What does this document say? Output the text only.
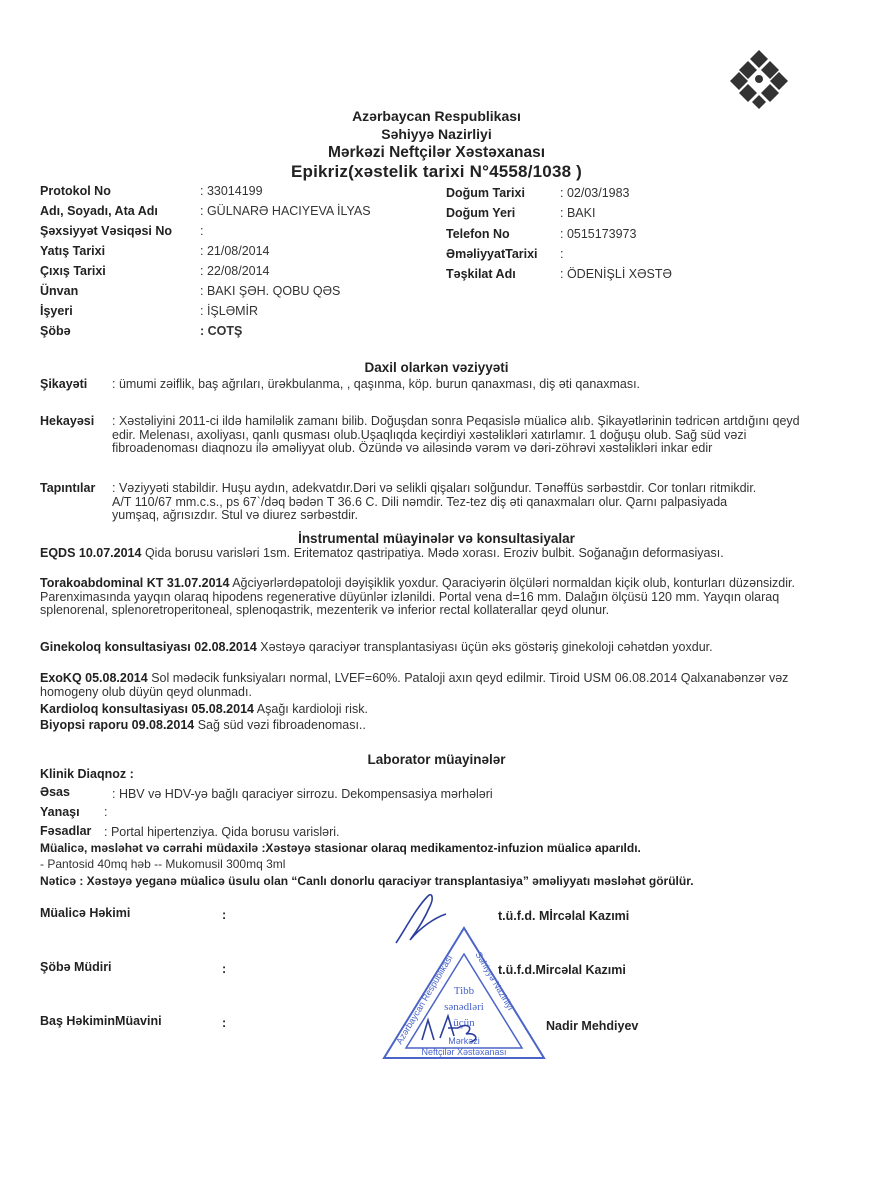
Azərbaycan Respublikası
Səhiyyə Nazirliyi
Mərkəzi Neftçilər Xəstəxanası
Epikriz(xəstelik tarixi N°4558/1038 )
Protokol No	: 33014199
Adı, Soyadı, Ata Adı	: GÜLNARƏ HACIYEVA İLYAS
Şəxsiyyət Vəsiqəsi No :
Yatış Tarixi	: 21/08/2014
Çıxış Tarixi	: 22/08/2014
Ünvan	: BAKI ŞƏH. QOBU QƏS
İşyeri	: İŞLƏMİR
Şöbə	: COTŞ
Doğum Tarixi	: 02/03/1983
Doğum Yeri	: BAKI
Telefon No	: 0515173973
ƏməliyyatTarixi :
Təşkilat Adı	: ÖDENİŞLİ XƏSTƏ
Daxil olarkən vəziyyəti
Şikayəti : ümumi zəiflik, baş ağrıları, ürəkbulanma, , qaşınma, köp. burun qanaxması, diş əti qanaxması.
Hekayəsi : Xəstəliyini 2011-ci ildə hamiləlik zamanı bilib. Doğuşdan sonra Peqasislə müalicə alıb. Şikayətlərinin tədricən artdığını qeyd edir. Melenası, axoliyası, qanlı qusması olub.Uşaqlıqda keçirdiyi xəstəlikləri xatırlamır. 1 doğuşu olub. Sağ süd vəzi fibroadenoması diaqnozu ilə əməliyyat olub. Özündə və ailəsində vərəm və dəri-zöhrəvi xəstəlikləri inkar edir
Tapıntılar : Vəziyyəti stabildir. Huşu aydın, adekvatdır.Dəri və selikli qişaları solğundur. Tənəffüs sərbəstdir. Cor tonları ritmikdir. A/T 110/67 mm.c.s., ps 67`/dəq bədən T 36.6 C. Dili nəmdir. Tez-tez diş əti qanaxmaları olur. Qarnı palpasiyada yumşaq, ağrısızdır. Stul və diurez sərbəstdir.
İnstrumental müayinələr və konsultasiyalar
EQDS 10.07.2014 Qida borusu varisləri 1sm. Eritematoz qastripatiya. Mədə xorası. Eroziv bulbit. Soğanağın deformasiyası.
Torakoabdominal KT 31.07.2014 Ağciyərlərdəpatoloji dəyişiklik yoxdur. Qaraciyərin ölçüləri normaldan kiçik olub, konturları düzənsizdir. Parenximasında yayqın olaraq hipodens regenerative düyünlər izlənildi. Portal vena d=16 mm. Dalağın ölçüsü 120 mm. Yayqın olaraq splenorenal, splenoretroperitoneal, splenoqastrik, mezenterik və inferior rectal kollaterallar qeyd olunur.
Ginekoloq konsultasiyası 02.08.2014 Xəstəyə qaraciyər transplantasiyası üçün əks göstəriş ginekoloji cəhətdən yoxdur.
ExoKQ 05.08.2014 Sol mədəcik funksiyaları normal, LVEF=60%. Pataloji axın qeyd edilmir. Tiroid USM 06.08.2014 Qalxanabənzər vəz homogeny olub düyün qeyd olunmadı.
Kardioloq konsultasiyası 05.08.2014 Aşağı kardioloji risk.
Biyopsi raporu 09.08.2014 Sağ süd vəzi fibroadenoması..
Laborator müayinələr
Klinik Diaqnoz :
Əsas	: HBV və HDV-yə bağlı qaraciyər sirrozu. Dekompensasiya mərhələri
Yanaşı :
Fəsadlar : Portal hipertenziya. Qida borusu varisləri.
Müalicə, məsləhət və cərrahi müdaxilə :Xəstəyə stasionar olaraq medikamentoz-infuzion müalicə aparıldı.
- Pantosid 40mq həb -- Mukomusil 300mq 3ml
Nəticə : Xəstəyə yeganə müalicə üsulu olan “Canlı donorlu qaraciyər transplantasiya” əməliyyatı məsləhət görülür.
Müalicə Həkimi	:	t.ü.f.d. Mİrcəlal Kazımi
Şöbə Müdiri	:	t.ü.f.d.Mircəlal Kazımi
Baş HəkiminMüavini	:	Nadir Mehdiyev
Azərbaycan Respublikası Səhiyyə Nazirliyi
Tibb
sənədləri
üçün
Mərkəzi
Neftçilər Xəstəxanası
